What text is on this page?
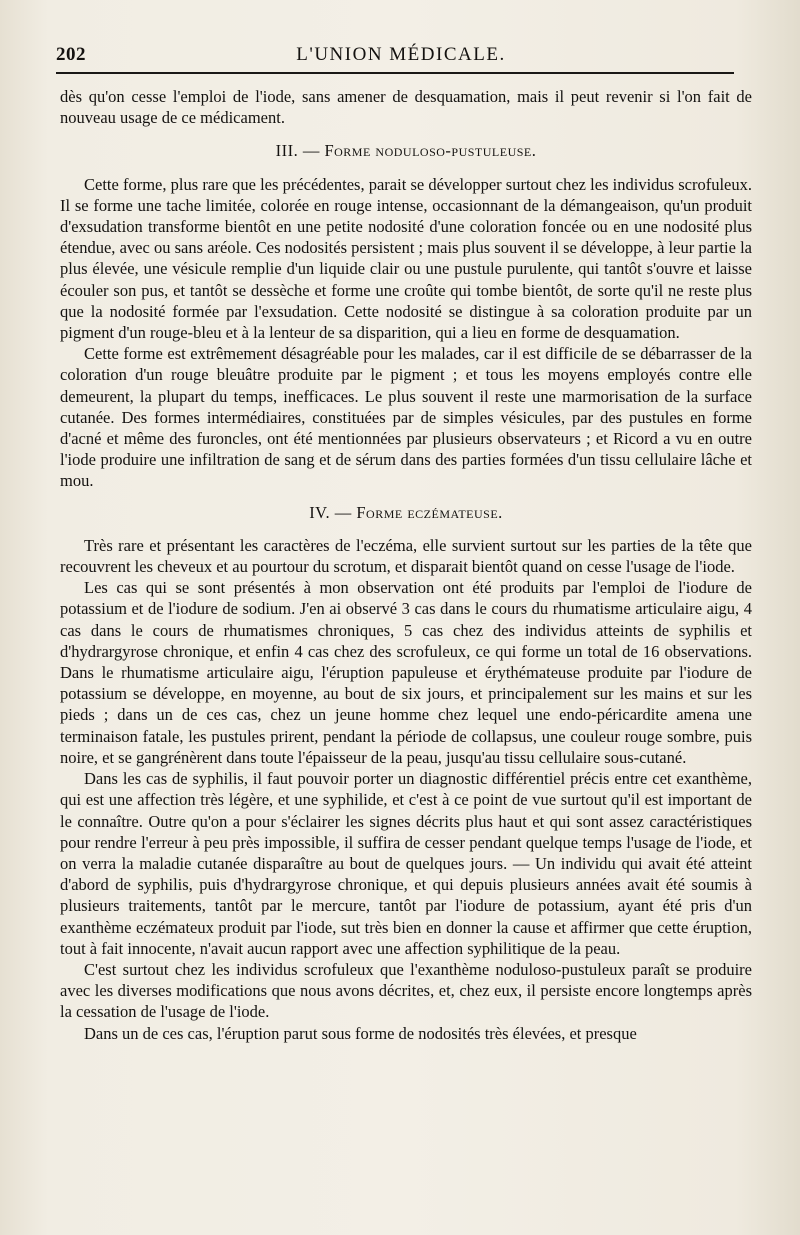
202	L'UNION MÉDICALE.

dès qu'on cesse l'emploi de l'iode, sans amener de desquamation, mais il peut revenir si l'on fait de nouveau usage de ce médicament.

III. — Forme noduloso-pustuleuse.

Cette forme, plus rare que les précédentes, parait se développer surtout chez les individus scrofuleux. Il se forme une tache limitée, colorée en rouge intense, occasionnant de la démangeaison, qu'un produit d'exsudation transforme bientôt en une petite nodosité d'une coloration foncée ou en une nodosité plus étendue, avec ou sans aréole. Ces nodosités persistent ; mais plus souvent il se développe, à leur partie la plus élevée, une vésicule remplie d'un liquide clair ou une pustule purulente, qui tantôt s'ouvre et laisse écouler son pus, et tantôt se dessèche et forme une croûte qui tombe bientôt, de sorte qu'il ne reste plus que la nodosité formée par l'exsudation. Cette nodosité se distingue à sa coloration produite par un pigment d'un rouge-bleu et à la lenteur de sa disparition, qui a lieu en forme de desquamation.

Cette forme est extrêmement désagréable pour les malades, car il est difficile de se débarrasser de la coloration d'un rouge bleuâtre produite par le pigment ; et tous les moyens employés contre elle demeurent, la plupart du temps, inefficaces. Le plus souvent il reste une marmorisation de la surface cutanée. Des formes intermédiaires, constituées par de simples vésicules, par des pustules en forme d'acné et même des furoncles, ont été mentionnées par plusieurs observateurs ; et Ricord a vu en outre l'iode produire une infiltration de sang et de sérum dans des parties formées d'un tissu cellulaire lâche et mou.

IV. — Forme eczémateuse.

Très rare et présentant les caractères de l'eczéma, elle survient surtout sur les parties de la tête que recouvrent les cheveux et au pourtour du scrotum, et disparait bientôt quand on cesse l'usage de l'iode.

Les cas qui se sont présentés à mon observation ont été produits par l'emploi de l'iodure de potassium et de l'iodure de sodium. J'en ai observé 3 cas dans le cours du rhumatisme articulaire aigu, 4 cas dans le cours de rhumatismes chroniques, 5 cas chez des individus atteints de syphilis et d'hydrargyrose chronique, et enfin 4 cas chez des scrofuleux, ce qui forme un total de 16 observations. Dans le rhumatisme articulaire aigu, l'éruption papuleuse et érythémateuse produite par l'iodure de potassium se développe, en moyenne, au bout de six jours, et principalement sur les mains et sur les pieds ; dans un de ces cas, chez un jeune homme chez lequel une endo-péricardite amena une terminaison fatale, les pustules prirent, pendant la période de collapsus, une couleur rouge sombre, puis noire, et se gangrénèrent dans toute l'épaisseur de la peau, jusqu'au tissu cellulaire sous-cutané.

Dans les cas de syphilis, il faut pouvoir porter un diagnostic différentiel précis entre cet exanthème, qui est une affection très légère, et une syphilide, et c'est à ce point de vue surtout qu'il est important de le connaître. Outre qu'on a pour s'éclairer les signes décrits plus haut et qui sont assez caractéristiques pour rendre l'erreur à peu près impossible, il suffira de cesser pendant quelque temps l'usage de l'iode, et on verra la maladie cutanée disparaître au bout de quelques jours. — Un individu qui avait été atteint d'abord de syphilis, puis d'hydrargyrose chronique, et qui depuis plusieurs années avait été soumis à plusieurs traitements, tantôt par le mercure, tantôt par l'iodure de potassium, ayant été pris d'un exanthème eczémateux produit par l'iode, sut très bien en donner la cause et affirmer que cette éruption, tout à fait innocente, n'avait aucun rapport avec une affection syphilitique de la peau.

C'est surtout chez les individus scrofuleux que l'exanthème noduloso-pustuleux paraît se produire avec les diverses modifications que nous avons décrites, et, chez eux, il persiste encore longtemps après la cessation de l'usage de l'iode.

Dans un de ces cas, l'éruption parut sous forme de nodosités très élevées, et presque
